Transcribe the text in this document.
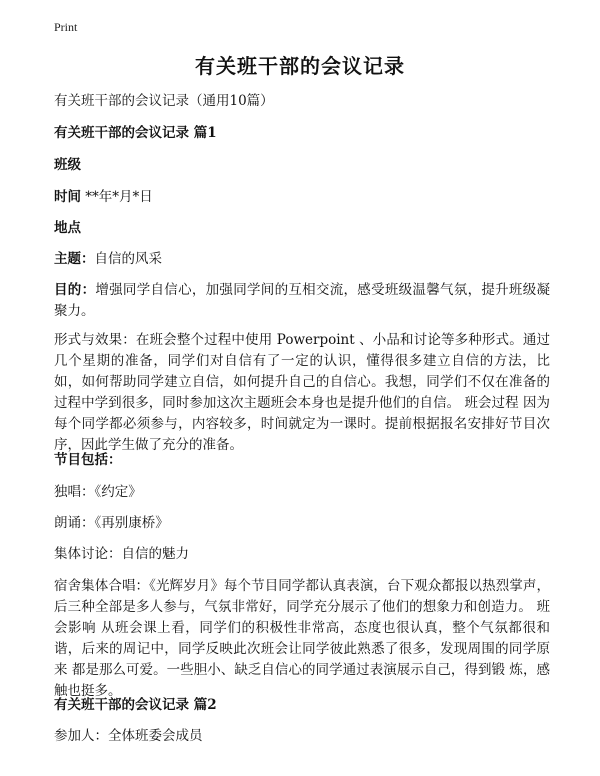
Print
有关班干部的会议记录
有关班干部的会议记录（通用10篇）
有关班干部的会议记录 篇1
班级
时间 **年*月*日
地点
主题：自信的风采
目的：增强同学自信心，加强同学间的互相交流，感受班级温馨气氛，提升班级凝聚力。
形式与效果：在班会整个过程中使用 Powerpoint 、小品和讨论等多种形式。通过几个星期的准备，同学们对自信有了一定的认识，懂得很多建立自信的方法，比如，如何帮助同学建立自信，如何提升自己的自信心。我想，同学们不仅在准备的过程中学到很多，同时参加这次主题班会本身也是提升他们的自信。 班会过程 因为每个同学都必须参与，内容较多，时间就定为一课时。提前根据报名安排好节目次序，因此学生做了充分的准备。
节目包括：
独唱：《约定》
朗诵：《再别康桥》
集体讨论：自信的魅力
宿舍集体合唱：《光辉岁月》每个节目同学都认真表演，台下观众都报以热烈掌声，后三种全部是多人参与，气氛非常好，同学充分展示了他们的想象力和创造力。 班会影响 从班会课上看，同学们的积极性非常高，态度也很认真，整个气氛都很和谐，后来的周记中，同学反映此次班会让同学彼此熟悉了很多，发现周围的同学原来 都是那么可爱。一些胆小、缺乏自信心的同学通过表演展示自己，得到锻 炼，感触也挺多。
有关班干部的会议记录 篇2
参加人：全体班委会成员
